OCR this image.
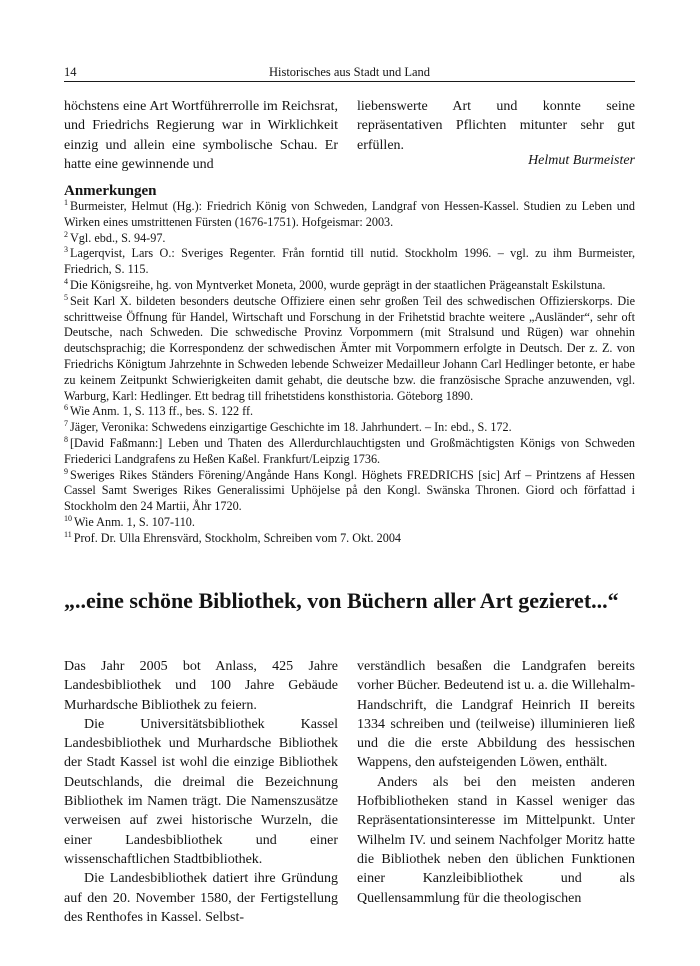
14	Historisches aus Stadt und Land

höchstens eine Art Wortführerrolle im Reichsrat, und Friedrichs Regierung war in Wirklichkeit einzig und allein eine symbolische Schau. Er hatte eine gewinnende und

liebenswerte Art und konnte seine repräsentativen Pflichten mitunter sehr gut erfüllen.

Helmut Burmeister
Anmerkungen

$^1$ Burmeister, Helmut (Hg.): Friedrich König von Schweden, Landgraf von Hessen-Kassel. Studien zu Leben und Wirken eines umstrittenen Fürsten (1676-1751). Hofgeismar: 2003.

$^2$ Vgl. ebd., S. 94-97.

$^3$ Lagerqvist, Lars O.: Sveriges Regenter. Från forntid till nutid. Stockholm 1996. – vgl. zu ihm Burmeister, Friedrich, S. 115.

$^4$ Die Königsreihe, hg. von Myntverket Moneta, 2000, wurde geprägt in der staatlichen Prägeanstalt Eskilstuna.

$^5$ Seit Karl X. bildeten besonders deutsche Offiziere einen sehr großen Teil des schwedischen Offizierskorps. Die schrittweise Öffnung für Handel, Wirtschaft und Forschung in der Frihetstid brachte weitere „Ausländer“, sehr oft Deutsche, nach Schweden. Die schwedische Provinz Vorpommern (mit Stralsund und Rügen) war ohnehin deutschsprachig; die Korrespondenz der schwedischen Ämter mit Vorpommern erfolgte in Deutsch. Der z. Z. von Friedrichs Königtum Jahrzehnte in Schweden lebende Schweizer Medailleur Johann Carl Hedlinger betonte, er habe zu keinem Zeitpunkt Schwierigkeiten damit gehabt, die deutsche bzw. die französische Sprache anzuwenden, vgl. Warburg, Karl: Hedlinger. Ett bedrag till frihetstidens konsthistoria. Göteborg 1890.

$^6$ Wie Anm. 1, S. 113 ff., bes. S. 122 ff.

$^7$ Jäger, Veronika: Schwedens einzigartige Geschichte im 18. Jahrhundert. – In: ebd., S. 172.

$^8$ [David Faßmann:] Leben und Thaten des Allerdurchlauchtigsten und Großmächtigsten Königs von Schweden Friederici Landgrafens zu Heßen Kaßel. Frankfurt/Leipzig 1736.

$^9$ Sweriges Rikes Ständers Förening/Angånde Hans Kongl. Höghets FREDRICHS [sic] Arf – Printzens af Hessen Cassel Samt Sweriges Rikes Generalissimi Uphöjelse på den Kongl. Swänska Thronen. Giord och författad i Stockholm den 24 Martii, Åhr 1720.

$^{10}$ Wie Anm. 1, S. 107-110.

$^{11}$ Prof. Dr. Ulla Ehrensvärd, Stockholm, Schreiben vom 7. Okt. 2004

„..eine schöne Bibliothek, von Büchern aller Art gezieret...“

Das Jahr 2005 bot Anlass, 425 Jahre Landesbibliothek und 100 Jahre Gebäude Murhardsche Bibliothek zu feiern.

Die Universitätsbibliothek Kassel Landesbibliothek und Murhardsche Bibliothek der Stadt Kassel ist wohl die einzige Bibliothek Deutschlands, die dreimal die Bezeichnung Bibliothek im Namen trägt. Die Namenszusätze verweisen auf zwei historische Wurzeln, die einer Landesbibliothek und einer wissenschaftlichen Stadtbibliothek.

Die Landesbibliothek datiert ihre Gründung auf den 20. November 1580, der Fertigstellung des Renthofes in Kassel. Selbst-

verständlich besaßen die Landgrafen bereits vorher Bücher. Bedeutend ist u. a. die Willehalm-Handschrift, die Landgraf Heinrich II bereits 1334 schreiben und (teilweise) illuminieren ließ und die die erste Abbildung des hessischen Wappens, den aufsteigenden Löwen, enthält.

Anders als bei den meisten anderen Hofbibliotheken stand in Kassel weniger das Repräsentationsinteresse im Mittelpunkt. Unter Wilhelm IV. und seinem Nachfolger Moritz hatte die Bibliothek neben den üblichen Funktionen einer Kanzleibibliothek und als Quellensammlung für die theologischen
